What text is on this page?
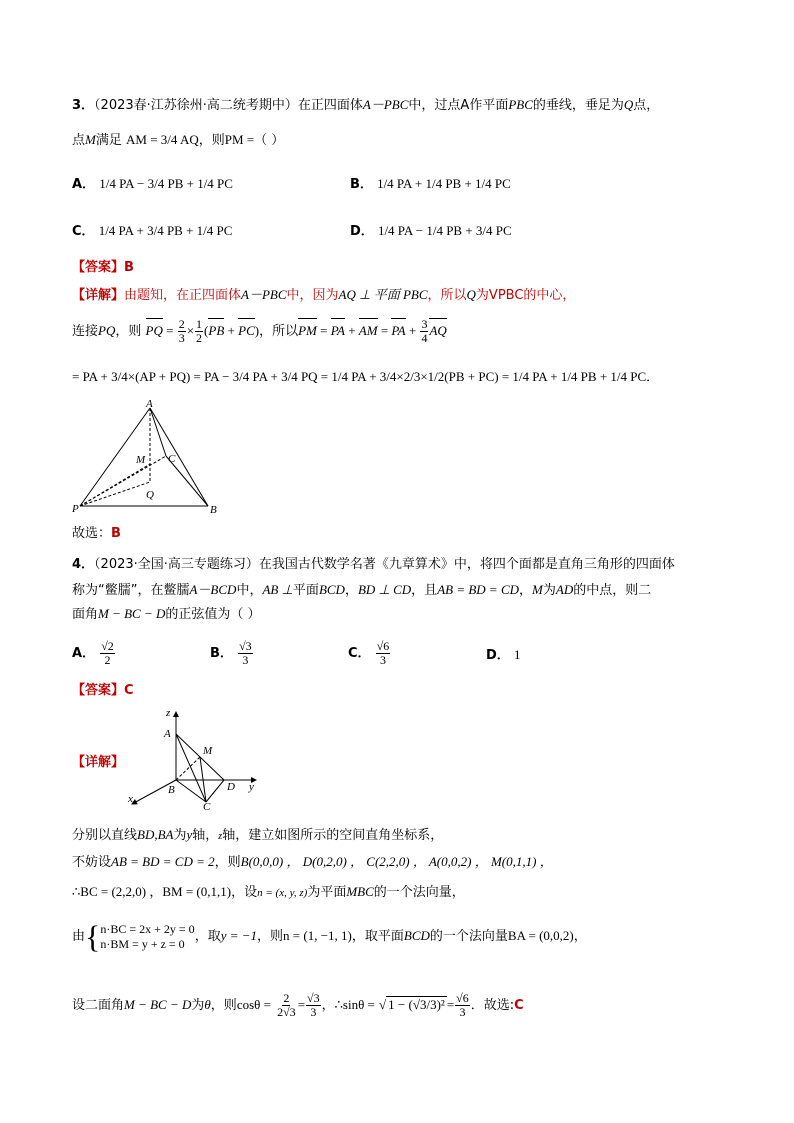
3．（2023春·江苏徐州·高二统考期中）在正四面体A－PBC中，过点A作平面PBC的垂线，垂足为Q点，
点M满足 AM = 3/4 AQ，则PM =（ ）
A． 1/4 PA − 3/4 PB + 1/4 PC	B． 1/4 PA + 1/4 PB + 1/4 PC
C． 1/4 PA + 3/4 PB + 1/4 PC	D． 1/4 PA − 1/4 PB + 3/4 PC
【答案】B
【详解】由题知，在正四面体A－PBC中，因为AQ ⊥ 平面 PBC，所以Q为VPBC的中心，
连接PQ，则 PQ = $\frac{2}{3} \times \frac{1}{2} (PB + PC)$，所以PM = PA + AM = PA + $\frac{3}{4}$ AQ
= PA + 3/4×(AP + PQ) = PA − 3/4 PA + 3/4 PQ = 1/4 PA + 3/4×2/3×1/2(PB + PC) = 1/4 PA + 1/4 PB + 1/4 PC．
A
M C
Q
P	B
故选：B
4．（2023·全国·高三专题练习）在我国古代数学名著《九章算术》中，将四个面都是直角三角形的四面体
称为“鳖臑”，在鳖臑A－BCD中，AB ⊥平面BCD，BD ⊥ CD，且AB = BD = CD，M为AD的中点，则二
面角M − BC − D的正弦值为（ ）
A． $\frac{√2}{2}$	B． $\frac{√3}{3}$	C． $\frac{√6}{3}$	D． 1
【答案】C
【详解】
z
A
M
B	D y
x
C
分别以直线BD,BA为y轴，z轴，建立如图所示的空间直角坐标系，
不妨设AB = BD = CD = 2，则B(0,0,0) ， D(0,2,0) ， C(2,2,0) ， A(0,0,2) ， M(0,1,1) ，
∴BC = (2,2,0) ，BM = (0,1,1)，设n = (x, y, z)为平面MBC的一个法向量，
由{ n·BC = 2x + 2y = 0
n·BM = y + z = 0 ，取y = −1，则n = (1, −1, 1)，取平面BCD的一个法向量BA = (0,0,2)，
设二面角M − BC − D为θ，则$\cos\theta = \frac{2}{2√3} = \frac{√3}{3}$ ，∴sinθ = √ $1 - (√3/3)^2 = \frac{√6}{3}$ ．故选:C
